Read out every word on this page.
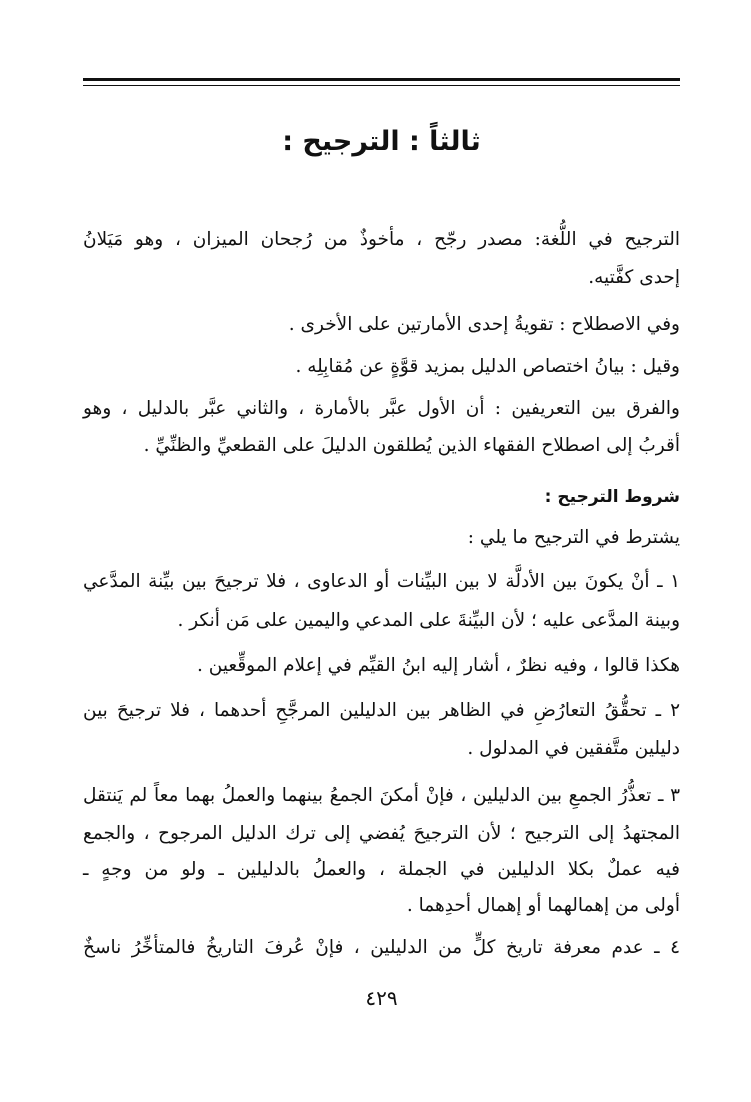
ثالثاً : الترجيح :
الترجيح في اللُّغة: مصدر رجّح ، مأخوذٌ من رُجحان الميزان ، وهو مَيَلانُ
إحدى كفَّتيه.
وفي الاصطلاح : تقويةُ إحدى الأمارتين على الأخرى .
وقيل : بيانُ اختصاص الدليل بمزيد قوَّةٍ عن مُقابِلِه .
والفرق بين التعريفين : أن الأول عبَّر بالأمارة ، والثاني عبَّر بالدليل ، وهو
أقربُ إلى اصطلاح الفقهاء الذين يُطلقون الدليلَ على القطعيِّ والظنِّيِّ .
شروط الترجيح :
يشترط في الترجيح ما يلي :
١ ـ أنْ يكونَ بين الأدلَّة لا بين البيِّنات أو الدعاوى ، فلا ترجيحَ بين بيِّنة المدَّعي
وبينة المدَّعى عليه ؛ لأن البيِّنةَ على المدعي واليمين على مَن أنكر .
هكذا قالوا ، وفيه نظرٌ ، أشار إليه ابنُ القيِّم في إعلام الموقِّعين .
٢ ـ تحقُّقُ التعارُضِ في الظاهر بين الدليلين المرجَّحِ أحدهما ، فلا ترجيحَ بين
دليلين متَّفقين في المدلول .
٣ ـ تعذُّرُ الجمعِ بين الدليلين ، فإنْ أمكنَ الجمعُ بينهما والعملُ بهما معاً لم يَنتقل
المجتهدُ إلى الترجيح ؛ لأن الترجيحَ يُفضي إلى ترك الدليل المرجوح ، والجمع
فيه عملٌ بكلا الدليلين في الجملة ، والعملُ بالدليلين ـ ولو من وجهٍ ـ
أولى من إهمالهما أو إهمال أحدِهما .
٤ ـ عدم معرفة تاريخ كلٍّ من الدليلين ، فإنْ عُرفَ التاريخُ فالمتأخِّرُ ناسخٌ
٤٢٩
